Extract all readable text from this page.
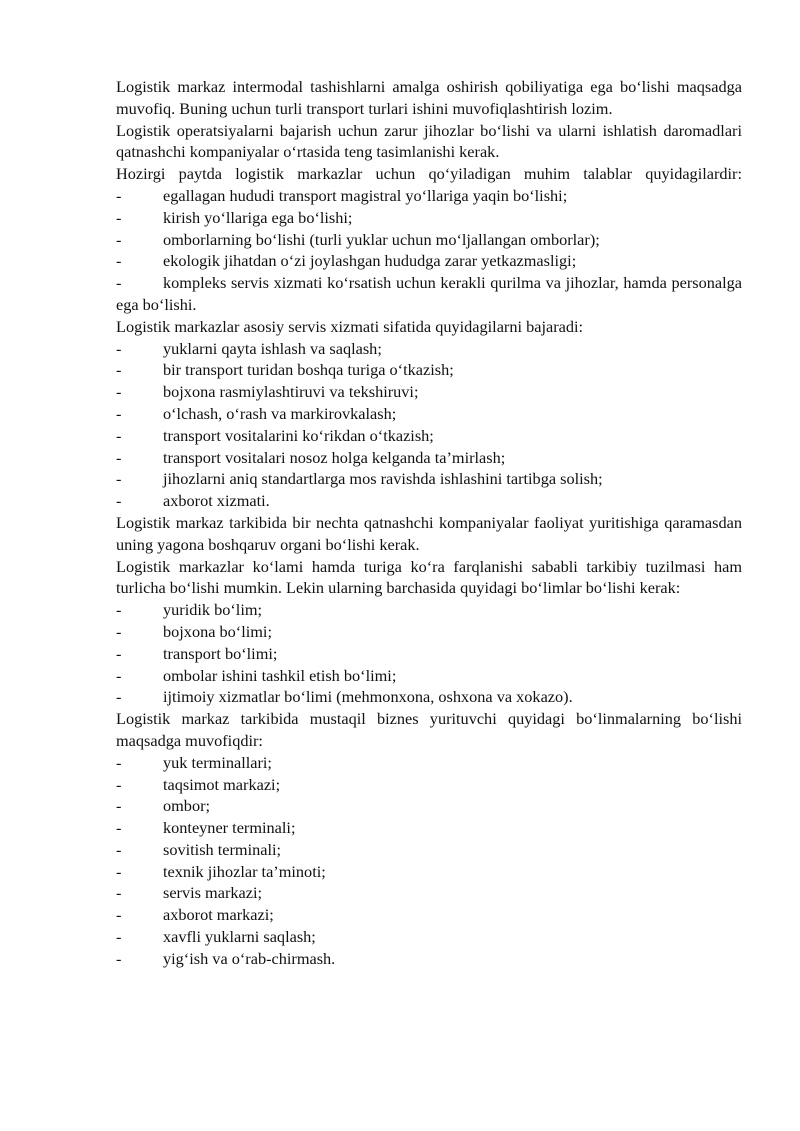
Logistik markaz intermodal tashishlarni amalga oshirish qobiliyatiga ega bo‘lishi maqsadga muvofiq. Buning uchun turli transport turlari ishini muvofiqlashtirish lozim.

Logistik operatsiyalarni bajarish uchun zarur jihozlar bo‘lishi va ularni ishlatish daromadlari qatnashchi kompaniyalar o‘rtasida teng tasimlanishi kerak.

Hozirgi paytda logistik markazlar uchun qo‘yiladigan muhim talablar quyidagilardir:

-	egallagan hududi transport magistral yo‘llariga yaqin bo‘lishi;

-	kirish yo‘llariga ega bo‘lishi;

-	omborlarning bo‘lishi (turli yuklar uchun mo‘ljallangan omborlar);

-	ekologik jihatdan o‘zi joylashgan hududga zarar yetkazmasligi;

-	kompleks servis xizmati ko‘rsatish uchun kerakli qurilma va jihozlar, hamda personalga ega bo‘lishi.

Logistik markazlar asosiy servis xizmati sifatida quyidagilarni bajaradi:

-	yuklarni qayta ishlash va saqlash;

-	bir transport turidan boshqa turiga o‘tkazish;

-	bojxona rasmiylashtiruvi va tekshiruvi;

-	o‘lchash, o‘rash va markirovkalash;

-	transport vositalarini ko‘rikdan o‘tkazish;

-	transport vositalari nosoz holga kelganda ta’mirlash;

-	jihozlarni aniq standartlarga mos ravishda ishlashini tartibga solish;

-	axborot xizmati.

Logistik markaz tarkibida bir nechta qatnashchi kompaniyalar faoliyat yuritishiga qaramasdan uning yagona boshqaruv organi bo‘lishi kerak.

Logistik markazlar ko‘lami hamda turiga ko‘ra farqlanishi sababli tarkibiy tuzilmasi ham turlicha bo‘lishi mumkin. Lekin ularning barchasida quyidagi bo‘limlar bo‘lishi kerak:

-	yuridik bo‘lim;

-	bojxona bo‘limi;

-	transport bo‘limi;

-	ombolar ishini tashkil etish bo‘limi;

-	ijtimoiy xizmatlar bo‘limi (mehmonxona, oshxona va xokazo).

Logistik markaz tarkibida mustaqil biznes yurituvchi quyidagi bo‘linmalarning bo‘lishi maqsadga muvofiqdir:

-	yuk terminallari;

-	taqsimot markazi;

-	ombor;

-	konteyner terminali;

-	sovitish terminali;

-	texnik jihozlar ta’minoti;

-	servis markazi;

-	axborot markazi;

-	xavfli yuklarni saqlash;

-	yig‘ish va o‘rab-chirmash.
